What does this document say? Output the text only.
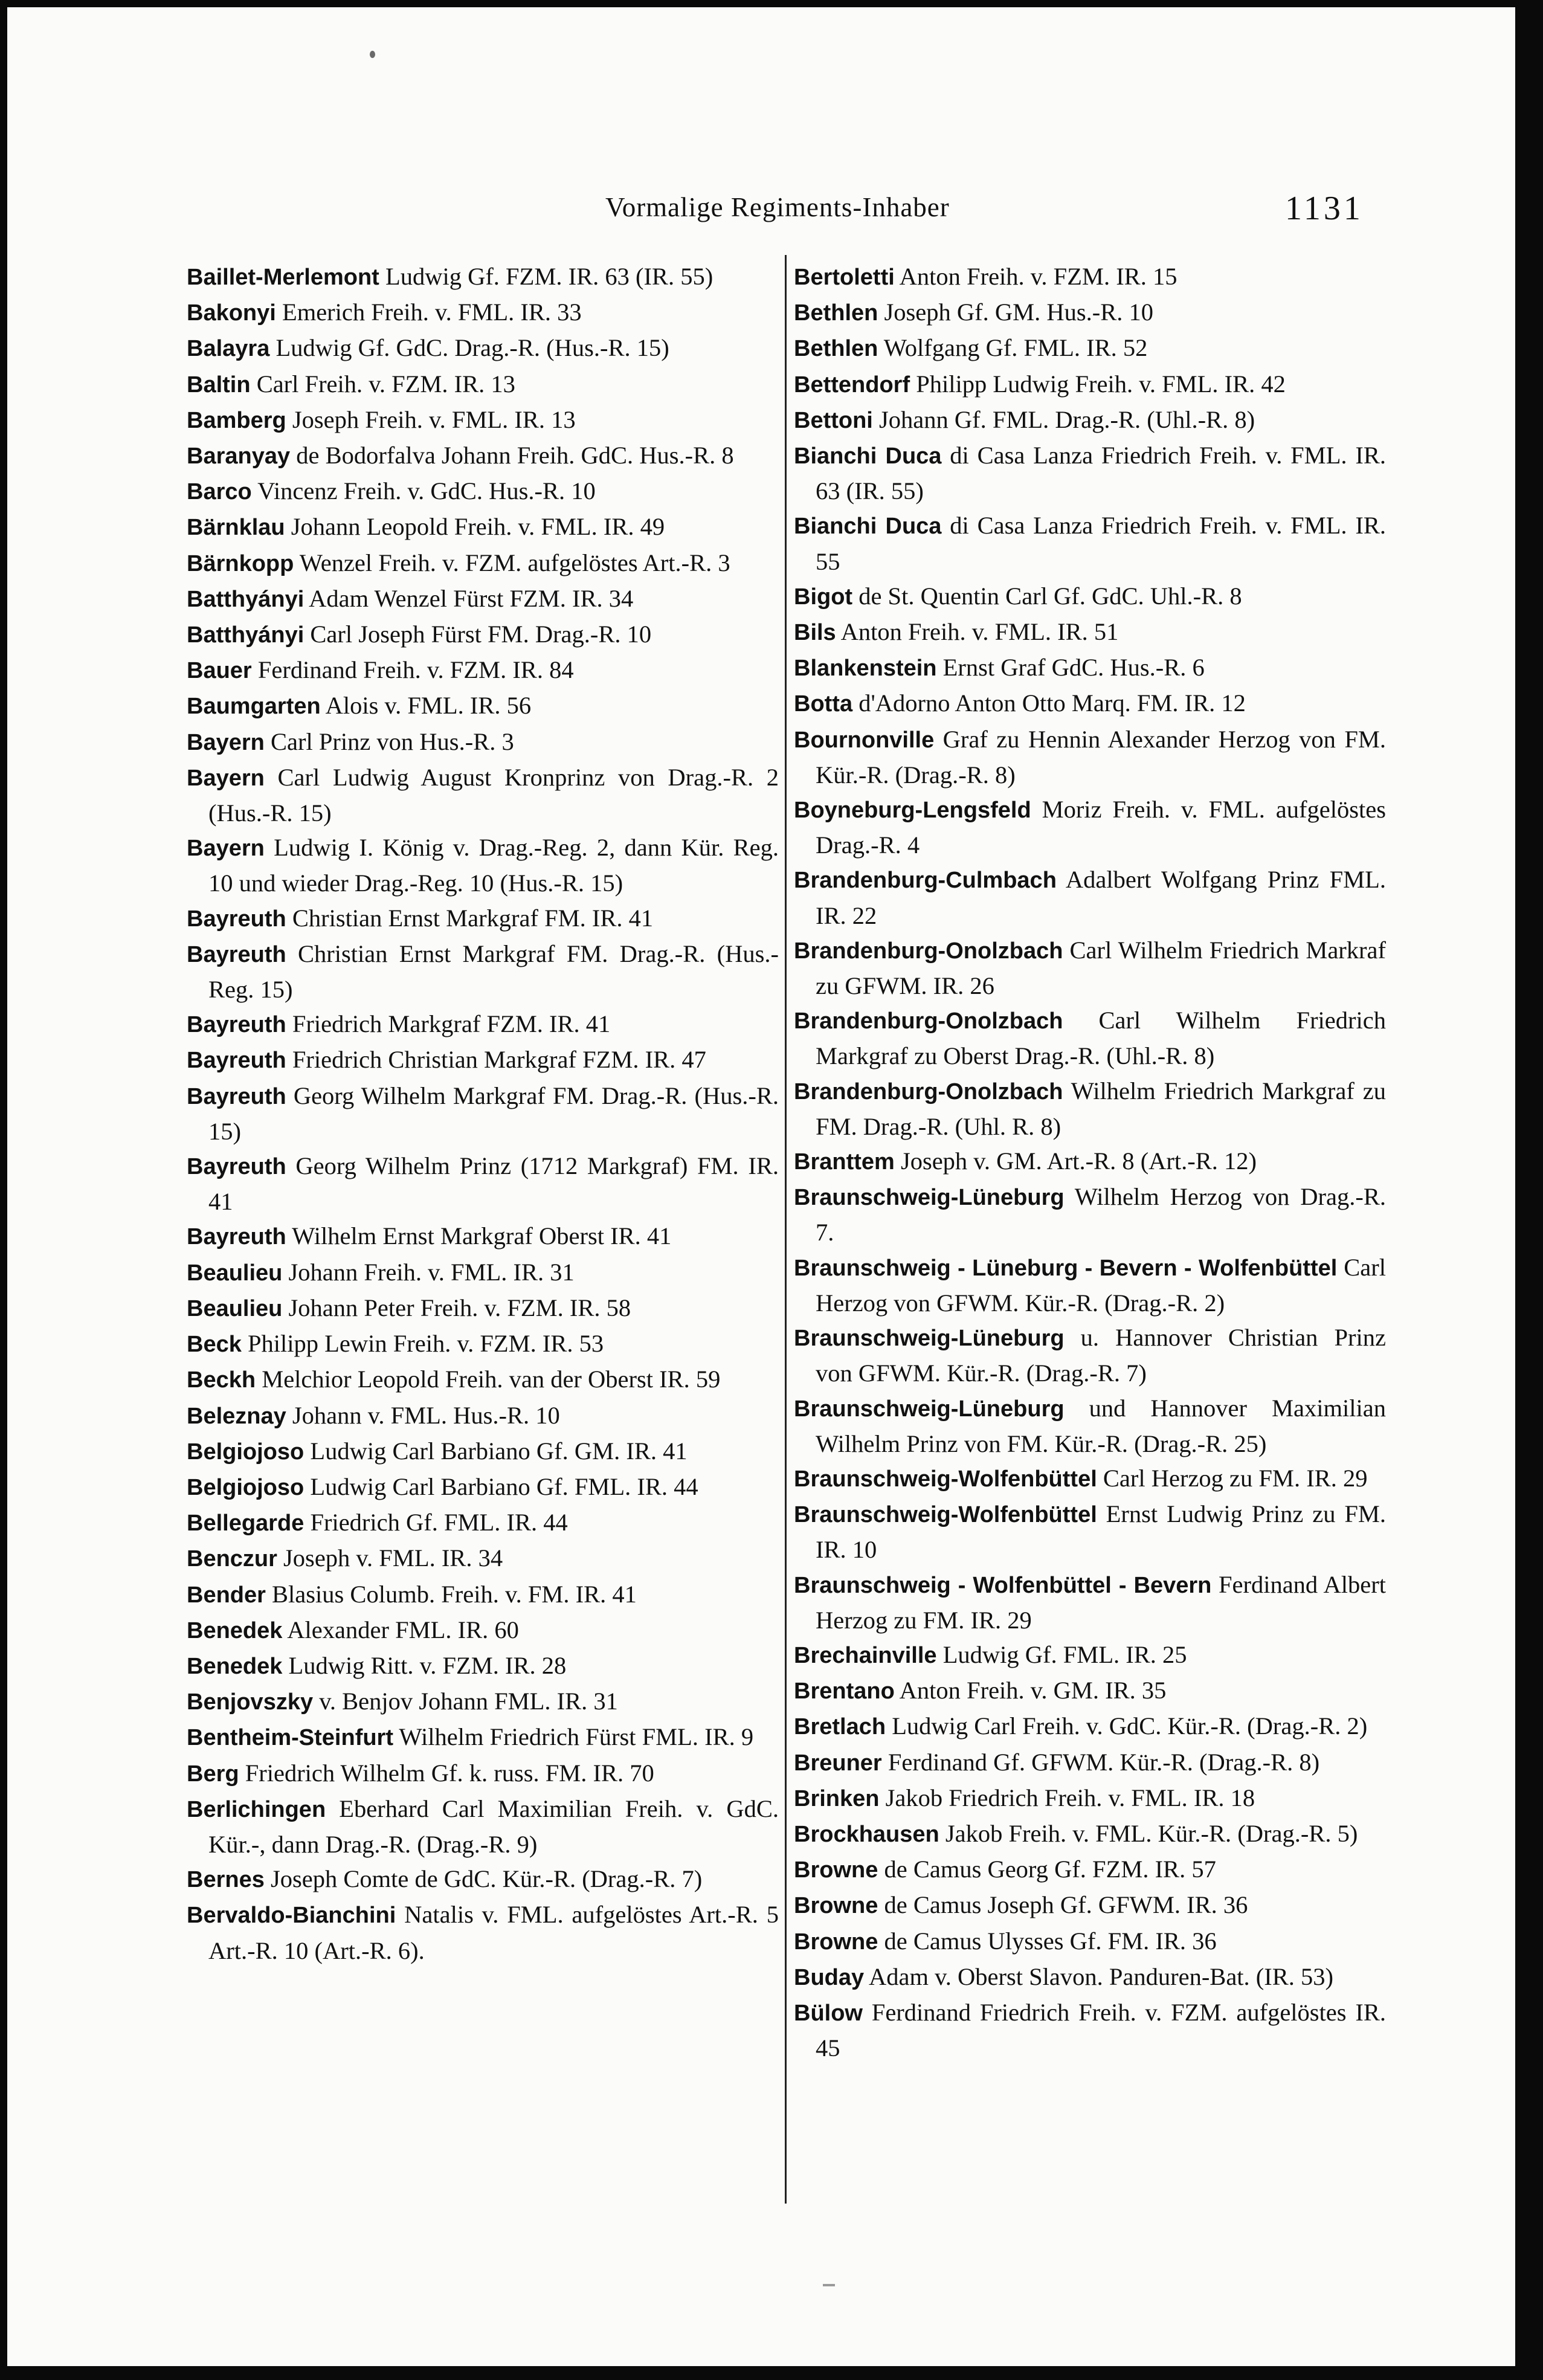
Vormalige Regiments-Inhaber	1131
Baillet-Merlemont Ludwig Gf. FZM. IR. 63 (IR. 55)
Bakonyi Emerich Freih. v. FML. IR. 33
Balayra Ludwig Gf. GdC. Drag.-R. (Hus.-R. 15)
Baltin Carl Freih. v. FZM. IR. 13
Bamberg Joseph Freih. v. FML. IR. 13
Baranyay de Bodorfalva Johann Freih. GdC. Hus.-R. 8
Barco Vincenz Freih. v. GdC. Hus.-R. 10
Bärnklau Johann Leopold Freih. v. FML. IR. 49
Bärnkopp Wenzel Freih. v. FZM. aufgelöstes Art.-R. 3
Batthyányi Adam Wenzel Fürst FZM. IR. 34
Batthyányi Carl Joseph Fürst FM. Drag.-R. 10
Bauer Ferdinand Freih. v. FZM. IR. 84
Baumgarten Alois v. FML. IR. 56
Bayern Carl Prinz von Hus.-R. 3
Bayern Carl Ludwig August Kronprinz von Drag.-R. 2 (Hus.-R. 15)
Bayern Ludwig I. König v. Drag.-Reg. 2, dann Kür. Reg. 10 und wieder Drag.-Reg. 10 (Hus.-R. 15)
Bayreuth Christian Ernst Markgraf FM. IR. 41
Bayreuth Christian Ernst Markgraf FM. Drag.-R. (Hus.-Reg. 15)
Bayreuth Friedrich Markgraf FZM. IR. 41
Bayreuth Friedrich Christian Markgraf FZM. IR. 47
Bayreuth Georg Wilhelm Markgraf FM. Drag.-R. (Hus.-R. 15)
Bayreuth Georg Wilhelm Prinz (1712 Markgraf) FM. IR. 41
Bayreuth Wilhelm Ernst Markgraf Oberst IR. 41
Beaulieu Johann Freih. v. FML. IR. 31
Beaulieu Johann Peter Freih. v. FZM. IR. 58
Beck Philipp Lewin Freih. v. FZM. IR. 53
Beckh Melchior Leopold Freih. van der Oberst IR. 59
Beleznay Johann v. FML. Hus.-R. 10
Belgiojoso Ludwig Carl Barbiano Gf. GM. IR. 41
Belgiojoso Ludwig Carl Barbiano Gf. FML. IR. 44
Bellegarde Friedrich Gf. FML. IR. 44
Benczur Joseph v. FML. IR. 34
Bender Blasius Columb. Freih. v. FM. IR. 41
Benedek Alexander FML. IR. 60
Benedek Ludwig Ritt. v. FZM. IR. 28
Benjovszky v. Benjov Johann FML. IR. 31
Bentheim-Steinfurt Wilhelm Friedrich Fürst FML. IR. 9
Berg Friedrich Wilhelm Gf. k. russ. FM. IR. 70
Berlichingen Eberhard Carl Maximilian Freih. v. GdC. Kür.-, dann Drag.-R. (Drag.-R. 9)
Bernes Joseph Comte de GdC. Kür.-R. (Drag.-R. 7)
Bervaldo-Bianchini Natalis v. FML. aufgelöstes Art.-R. 5 Art.-R. 10 (Art.-R. 6).
Bertoletti Anton Freih. v. FZM. IR. 15
Bethlen Joseph Gf. GM. Hus.-R. 10
Bethlen Wolfgang Gf. FML. IR. 52
Bettendorf Philipp Ludwig Freih. v. FML. IR. 42
Bettoni Johann Gf. FML. Drag.-R. (Uhl.-R. 8)
Bianchi Duca di Casa Lanza Friedrich Freih. v. FML. IR. 63 (IR. 55)
Bianchi Duca di Casa Lanza Friedrich Freih. v. FML. IR. 55
Bigot de St. Quentin Carl Gf. GdC. Uhl.-R. 8
Bils Anton Freih. v. FML. IR. 51
Blankenstein Ernst Graf GdC. Hus.-R. 6
Botta d'Adorno Anton Otto Marq. FM. IR. 12
Bournonville Graf zu Hennin Alexander Herzog von FM. Kür.-R. (Drag.-R. 8)
Boyneburg-Lengsfeld Moriz Freih. v. FML. aufgelöstes Drag.-R. 4
Brandenburg-Culmbach Adalbert Wolfgang Prinz FML. IR. 22
Brandenburg-Onolzbach Carl Wilhelm Friedrich Markraf zu GFWM. IR. 26
Brandenburg-Onolzbach Carl Wilhelm Friedrich Markgraf zu Oberst Drag.-R. (Uhl.-R. 8)
Brandenburg-Onolzbach Wilhelm Friedrich Markgraf zu FM. Drag.-R. (Uhl. R. 8)
Branttem Joseph v. GM. Art.-R. 8 (Art.-R. 12)
Braunschweig-Lüneburg Wilhelm Herzog von Drag.-R. 7.
Braunschweig - Lüneburg - Bevern - Wolfenbüttel Carl Herzog von GFWM. Kür.-R. (Drag.-R. 2)
Braunschweig-Lüneburg u. Hannover Christian Prinz von GFWM. Kür.-R. (Drag.-R. 7)
Braunschweig-Lüneburg und Hannover Maximilian Wilhelm Prinz von FM. Kür.-R. (Drag.-R. 25)
Braunschweig-Wolfenbüttel Carl Herzog zu FM. IR. 29
Braunschweig-Wolfenbüttel Ernst Ludwig Prinz zu FM. IR. 10
Braunschweig - Wolfenbüttel - Bevern Ferdinand Albert Herzog zu FM. IR. 29
Brechainville Ludwig Gf. FML. IR. 25
Brentano Anton Freih. v. GM. IR. 35
Bretlach Ludwig Carl Freih. v. GdC. Kür.-R. (Drag.-R. 2)
Breuner Ferdinand Gf. GFWM. Kür.-R. (Drag.-R. 8)
Brinken Jakob Friedrich Freih. v. FML. IR. 18
Brockhausen Jakob Freih. v. FML. Kür.-R. (Drag.-R. 5)
Browne de Camus Georg Gf. FZM. IR. 57
Browne de Camus Joseph Gf. GFWM. IR. 36
Browne de Camus Ulysses Gf. FM. IR. 36
Buday Adam v. Oberst Slavon. Panduren-Bat. (IR. 53)
Bülow Ferdinand Friedrich Freih. v. FZM. aufgelöstes IR. 45
